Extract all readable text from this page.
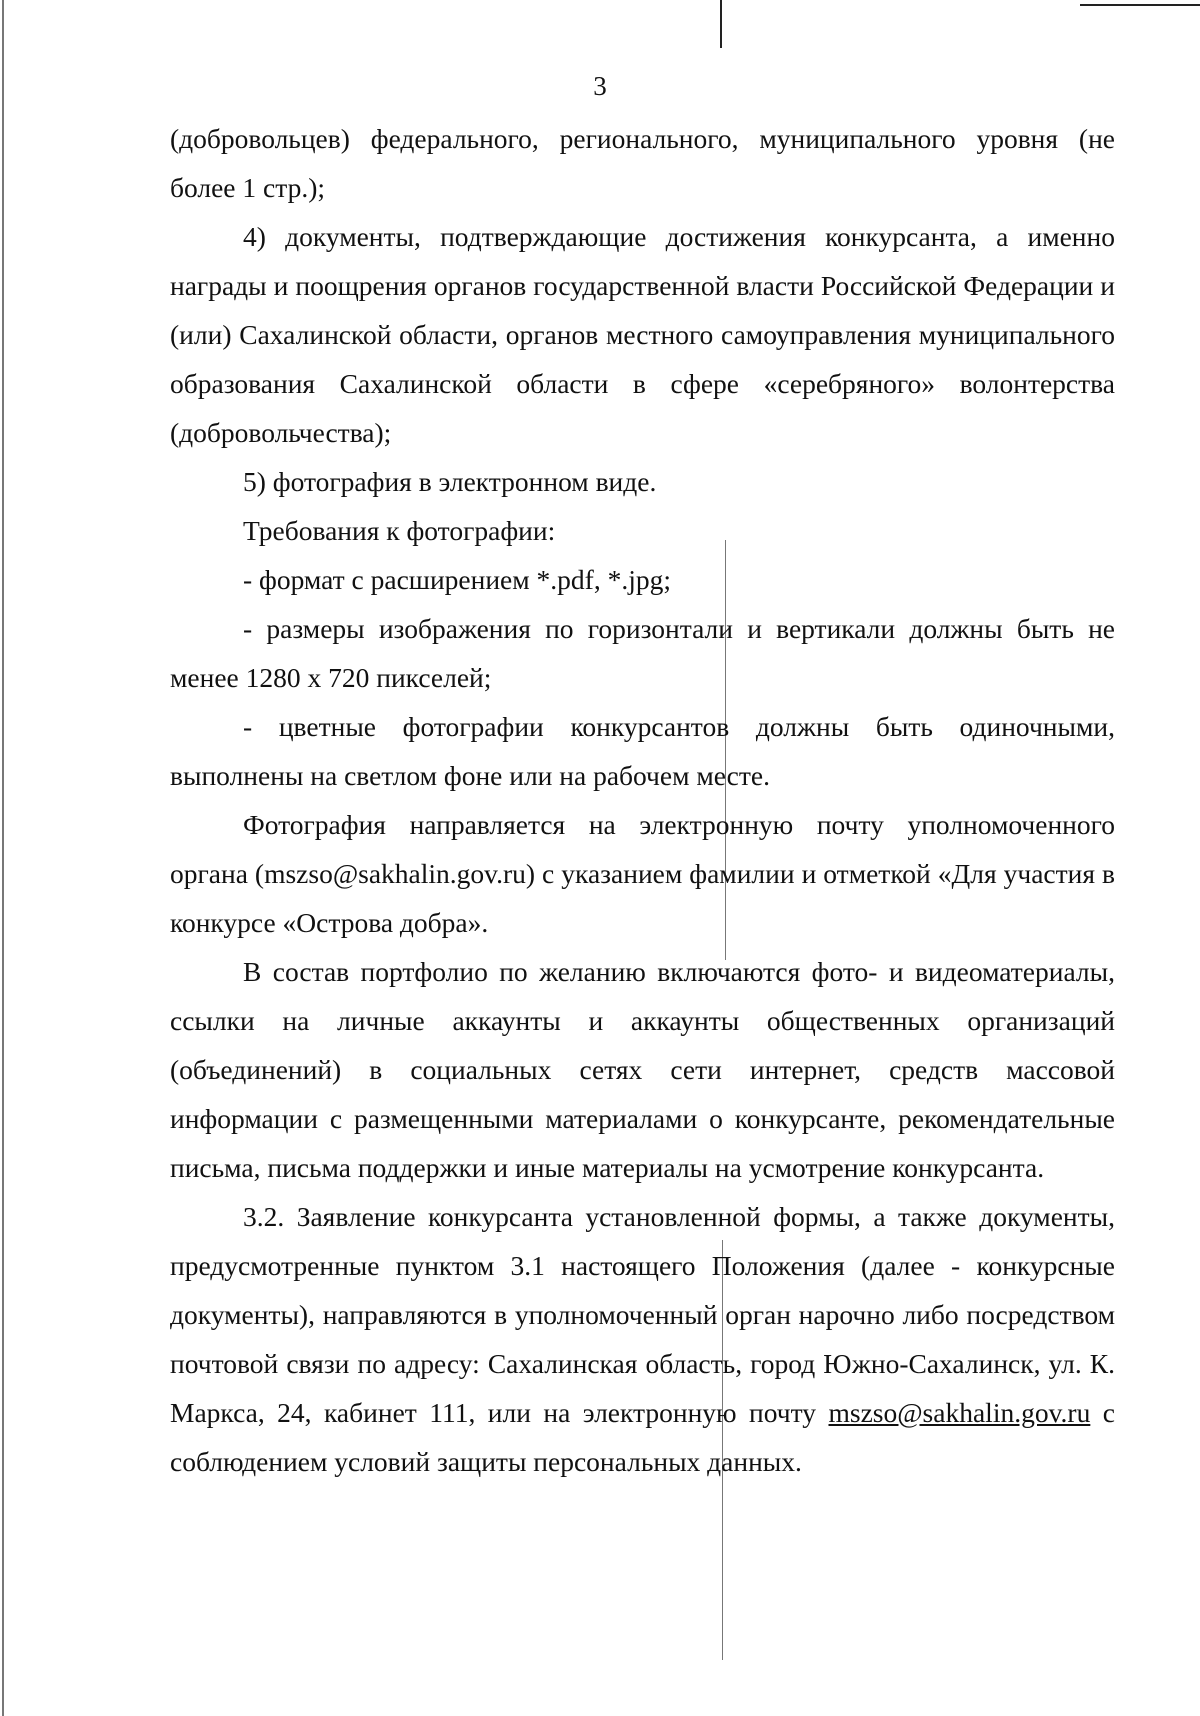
3

(добровольцев) федерального, регионального, муниципального уровня (не более 1 стр.);

4) документы, подтверждающие достижения конкурсанта, а именно награды и поощрения органов государственной власти Российской Федерации и (или) Сахалинской области, органов местного самоуправления муниципального образования Сахалинской области в сфере «серебряного» волонтерства (добровольчества);

5) фотография в электронном виде.

Требования к фотографии:

- формат с расширением *.pdf, *.jpg;

- размеры изображения по горизонтали и вертикали должны быть не менее 1280 х 720 пикселей;

- цветные фотографии конкурсантов должны быть одиночными, выполнены на светлом фоне или на рабочем месте.

Фотография направляется на электронную почту уполномоченного органа (mszso@sakhalin.gov.ru) с указанием фамилии и отметкой «Для участия в конкурсе «Острова добра».

В состав портфолио по желанию включаются фото- и видеоматериалы, ссылки на личные аккаунты и аккаунты общественных организаций (объединений) в социальных сетях сети интернет, средств массовой информации с размещенными материалами о конкурсанте, рекомендательные письма, письма поддержки и иные материалы на усмотрение конкурсанта.

3.2. Заявление конкурсанта установленной формы, а также документы, предусмотренные пунктом 3.1 настоящего Положения (далее - конкурсные документы), направляются в уполномоченный орган нарочно либо посредством почтовой связи по адресу: Сахалинская область, город Южно-Сахалинск, ул. К. Маркса, 24, кабинет 111, или на электронную почту mszso@sakhalin.gov.ru с соблюдением условий защиты персональных данных.
